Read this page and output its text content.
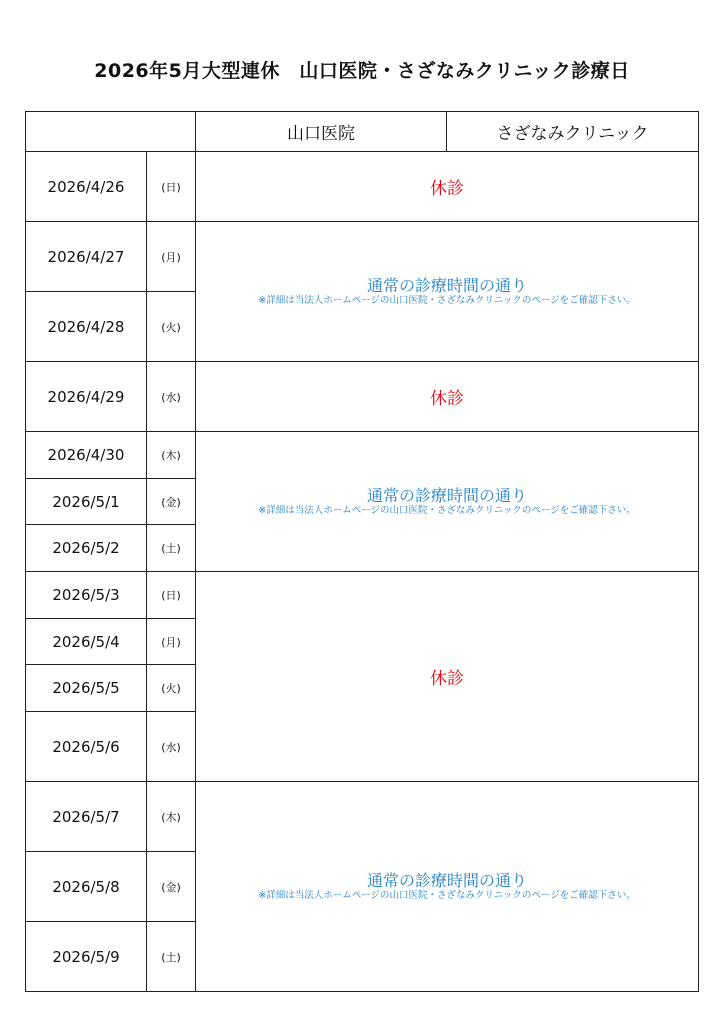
2026年5月大型連休　山口医院・さざなみクリニック診療日
		山口医院	さざなみクリニック
2026/4/26	(日)	休診	
2026/4/27	(月)	通常の診療時間の通り
※詳細は当法人ホームページの山口医院・さざなみクリニックのページをご確認下さい。	

2026/4/28	(火)		
2026/4/29	(水)	休診	
2026/4/30	(木)	通常の診療時間の通り
※詳細は当法人ホームページの山口医院・さざなみクリニックのページをご確認下さい。	

2026/5/1	(金)		
2026/5/2	(土)		
2026/5/3	(日)	休診	
2026/5/4	(月)		
2026/5/5	(火)		
2026/5/6	(水)		
2026/5/7	(木)	通常の診療時間の通り
※詳細は当法人ホームページの山口医院・さざなみクリニックのページをご確認下さい。	

2026/5/8	(金)		
2026/5/9	(土)		
